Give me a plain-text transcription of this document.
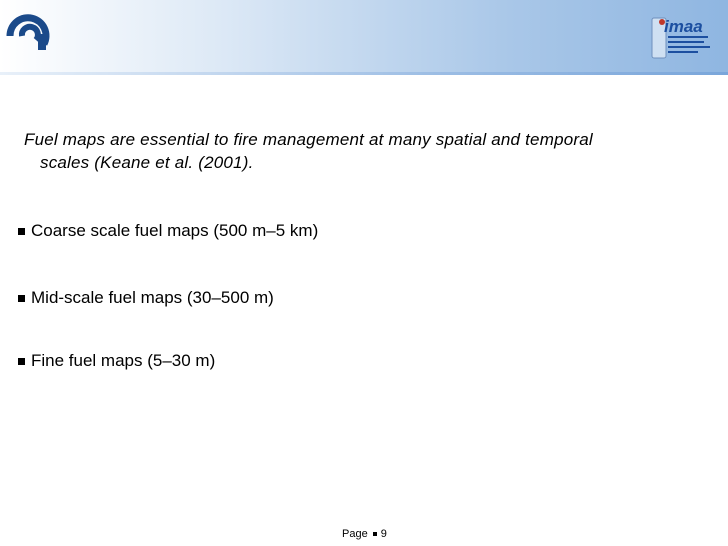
imaa
Fuel maps are essential to fire management at many spatial and temporal
scales (Keane et al. (2001).
Coarse scale fuel maps (500 m–5 km)
Mid-scale fuel maps (30–500 m)
Fine fuel maps (5–30 m)
Page 9
